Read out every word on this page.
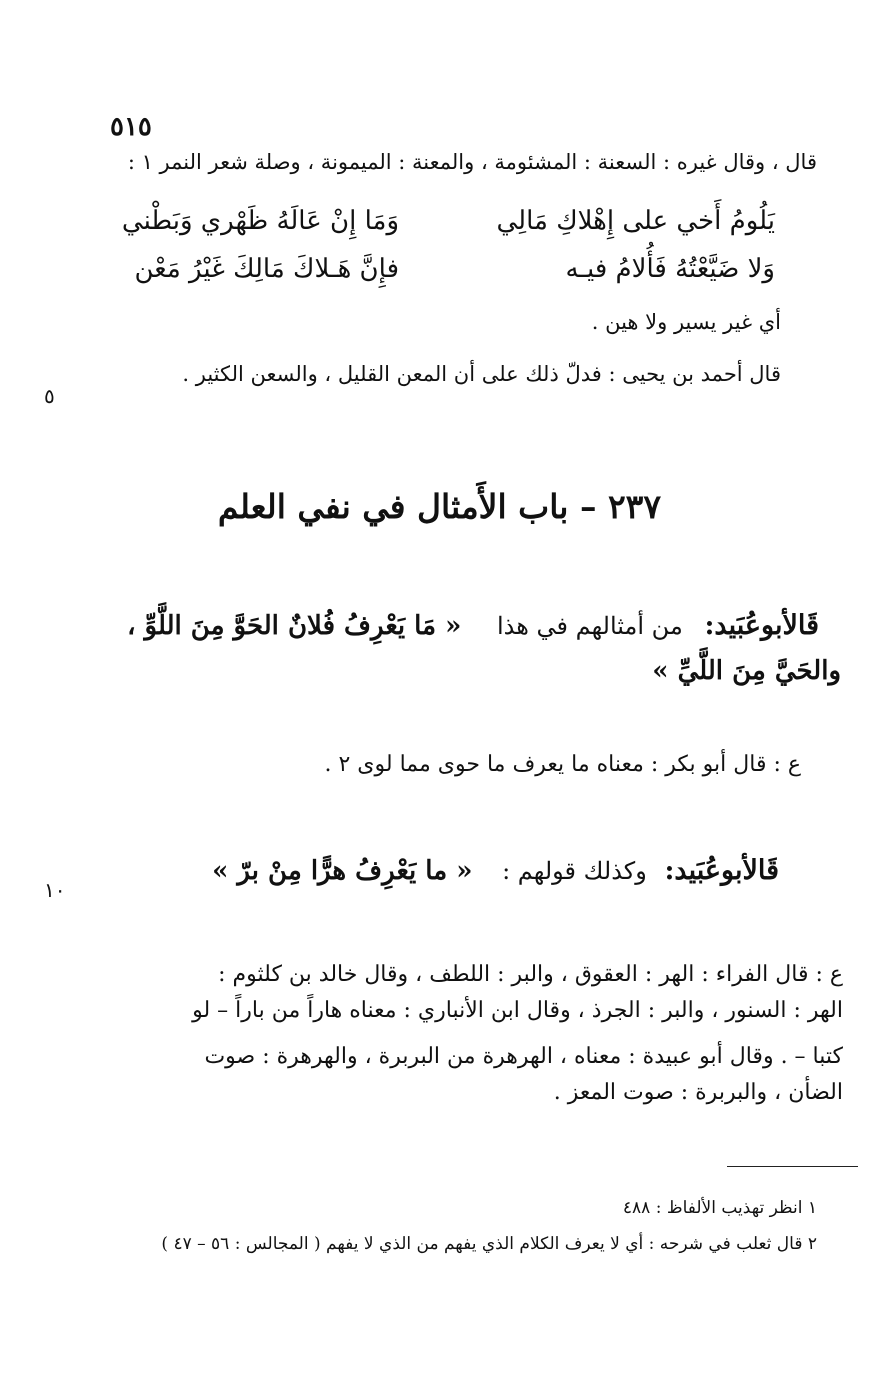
٥١٥
قال ، وقال غيره : السعنة : المشئومة ، والمعنة : الميمونة ، وصلة شعر النمر ١ :
يَلُومُ أَخي على إِهْلاكِ مَالِي
وَمَا إِنْ عَالَهُ ظَهْري وَبَطْني
وَلا ضَيَّعْتُهُ فَأُلامُ فيـه
فإِنَّ هَـلاكَ مَالِكَ غَيْرُ مَعْن
أي غير يسير ولا هين .
قال أحمد بن يحيى : فدلّ ذلك على أن المعن القليل ، والسعن الكثير .
٥
٢٣٧ – باب الأَمثال في نفي العلم
قَالأبوعُبَيد: من أمثالهم في هذا « مَا يَعْرِفُ فُلانٌ الحَوَّ مِنَ اللَّوِّ ،
والحَيَّ مِنَ اللَّيِّ »
ع : قال أبو بكر : معناه ما يعرف ما حوى مما لوى ٢ .
قَالأبوعُبَيد: وكذلك قولهم : « ما يَعْرِفُ هرًّا مِنْ برّ »
١٠
ع : قال الفراء : الهر : العقوق ، والبر : اللطف ، وقال خالد بن كلثوم :
الهر : السنور ، والبر : الجرذ ، وقال ابن الأنباري : معناه هاراً من باراً – لو
كتبا – . وقال أبو عبيدة : معناه ، الهرهرة من البربرة ، والهرهرة : صوت
الضأن ، والبربرة : صوت المعز .
١ انظر تهذيب الألفاظ : ٤٨٨
٢ قال ثعلب في شرحه : أي لا يعرف الكلام الذي يفهم من الذي لا يفهم ( المجالس : ٥٦ – ٤٧ )
